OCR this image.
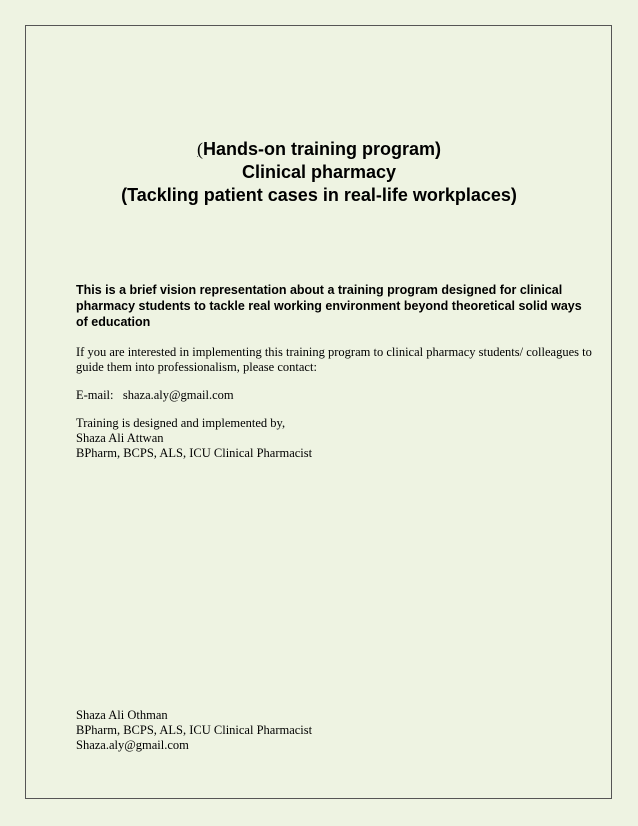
(Hands-on training program)
Clinical pharmacy
(Tackling patient cases in real-life workplaces)

This is a brief vision representation about a training program designed for clinical pharmacy students to tackle real working environment beyond theoretical solid ways of education

If you are interested in implementing this training program to clinical pharmacy students/ colleagues to guide them into professionalism, please contact:

E-mail: shaza.aly@gmail.com

Training is designed and implemented by,
Shaza Ali Attwan
BPharm, BCPS, ALS, ICU Clinical Pharmacist

Shaza Ali Othman
BPharm, BCPS, ALS, ICU Clinical Pharmacist
Shaza.aly@gmail.com
